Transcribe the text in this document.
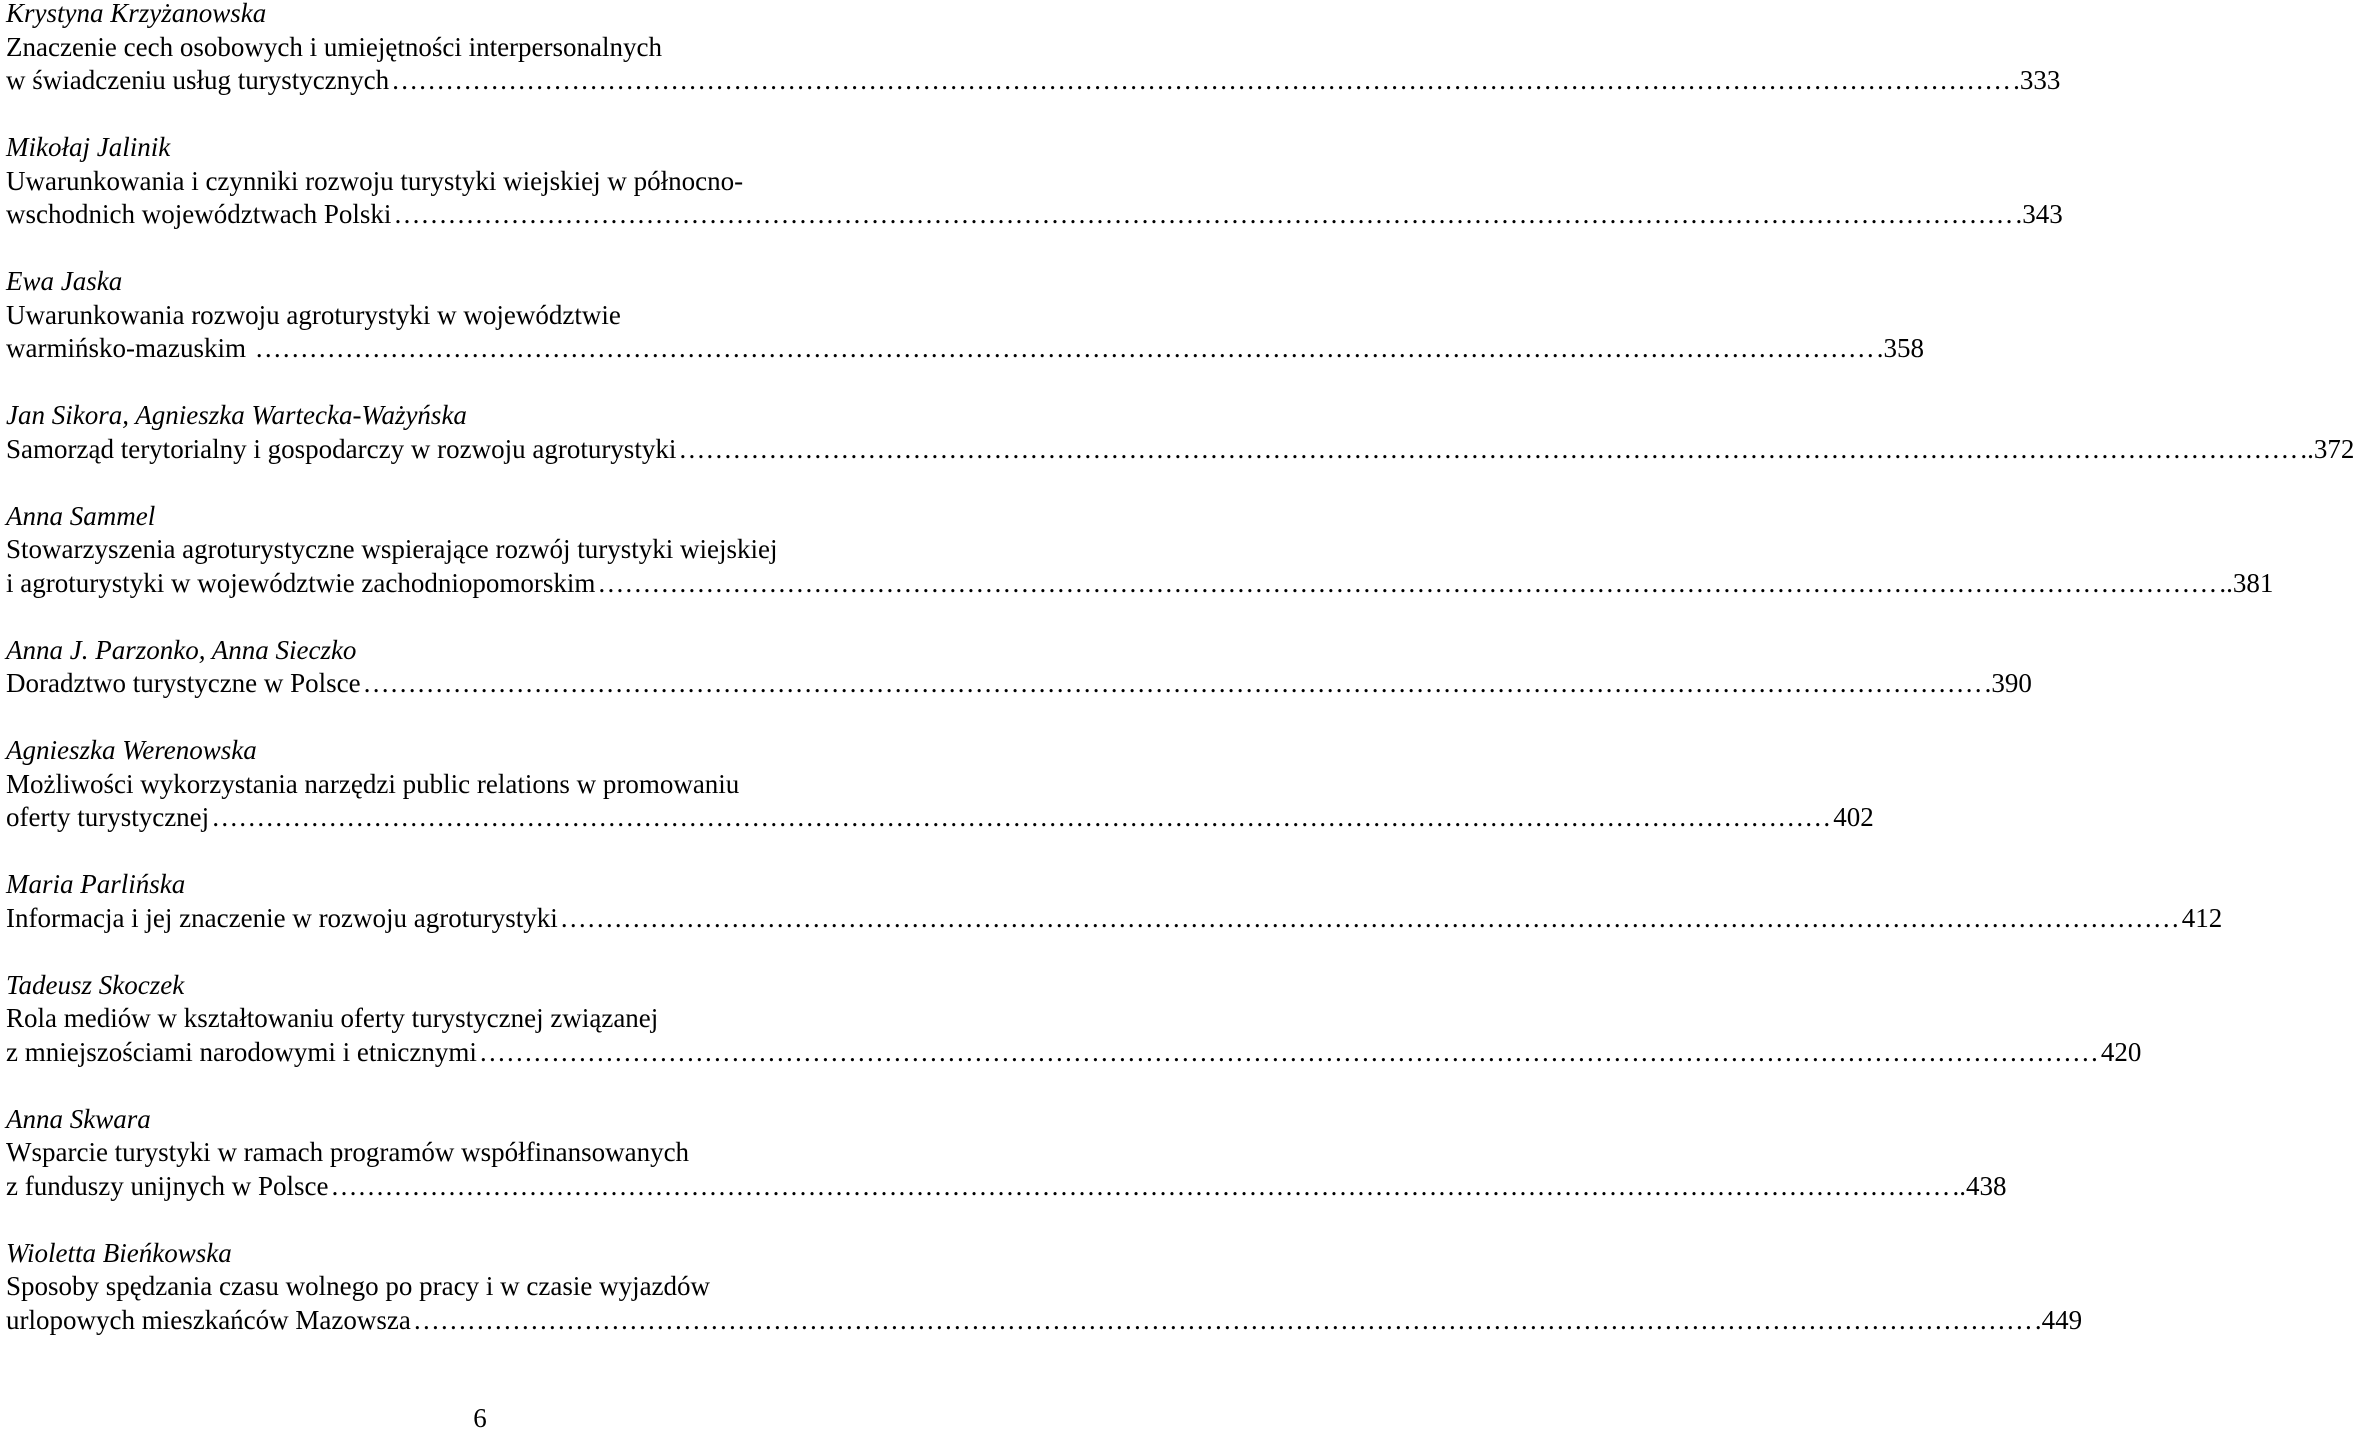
Krystyna Krzyżanowska
Znaczenie cech osobowych i umiejętności interpersonalnych
w świadczeniu usług turystycznych ……………………………………………………………………………………………………………………………………………………………… .333
Mikołaj Jalinik
Uwarunkowania i czynniki rozwoju turystyki wiejskiej w północno-
wschodnich województwach Polski ……………………………………………………………………………………………………………………………………………………………… .343
Ewa Jaska
Uwarunkowania rozwoju agroturystyki w województwie
warmińsko-mazuskim ……………………………………………………………………………………………………………………………………………………………… .358
Jan Sikora, Agnieszka Wartecka-Ważyńska
Samorząd terytorialny i gospodarczy w rozwoju agroturystyki ……………………………………………………………………………………………………………………………………………………………… ..372
Anna Sammel
Stowarzyszenia agroturystyczne wspierające rozwój turystyki wiejskiej
i agroturystyki w województwie zachodniopomorskim ……………………………………………………………………………………………………………………………………………………………… ..381
Anna J. Parzonko, Anna Sieczko
Doradztwo turystyczne w Polsce ……………………………………………………………………………………………………………………………………………………………… .390
Agnieszka Werenowska
Możliwości wykorzystania narzędzi public relations w promowaniu
oferty turystycznej ……………………………………………………………………………………………………………………………………………………………… 402
Maria Parlińska
Informacja i jej znaczenie w rozwoju agroturystyki ……………………………………………………………………………………………………………………………………………………………… 412
Tadeusz Skoczek
Rola mediów w kształtowaniu oferty turystycznej związanej
z mniejszościami narodowymi i etnicznymi ……………………………………………………………………………………………………………………………………………………………… 420
Anna Skwara
Wsparcie turystyki w ramach programów współfinansowanych
z funduszy unijnych w Polsce ……………………………………………………………………………………………………………………………………………………………… ..438
Wioletta Bieńkowska
Sposoby spędzania czasu wolnego po pracy i w czasie wyjazdów
urlopowych mieszkańców Mazowsza ……………………………………………………………………………………………………………………………………………………………… .449
6
